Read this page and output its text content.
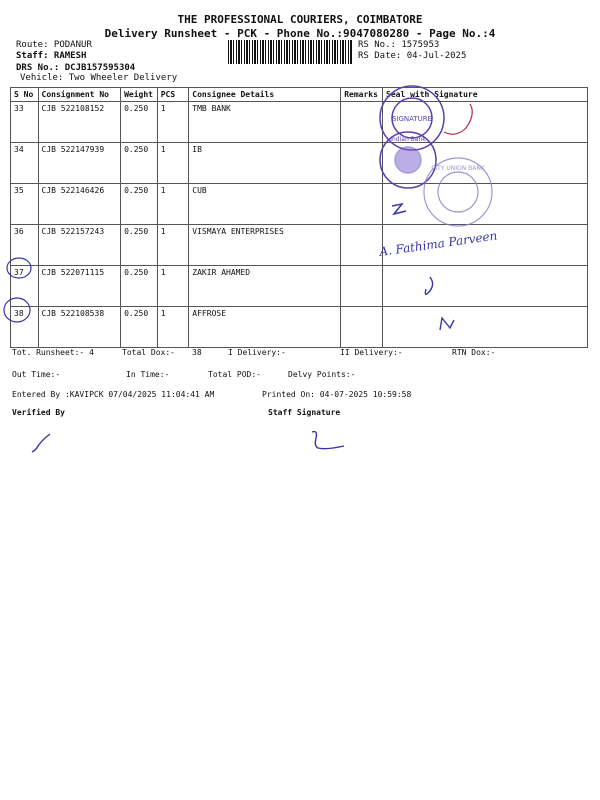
THE PROFESSIONAL COURIERS, COIMBATORE
Delivery Runsheet - PCK - Phone No.:9047080280 - Page No.:4
Route: PODANUR
Staff: RAMESH
DRS No.: DCJB157595304
Vehicle: Two Wheeler Delivery
RS No.: 1575953
RS Date: 04-Jul-2025
S No	Consignment No	Weight	PCS	Consignee Details	Remarks	Seal with Signature
33	CJB 522108152	0.250	1	TMB BANK		
34	CJB 522147939	0.250	1	IB		
35	CJB 522146426	0.250	1	CUB		
36	CJB 522157243	0.250	1	VISMAYA ENTERPRISES		
37	CJB 522071115	0.250	1	ZAKIR AHAMED		
38	CJB 522108538	0.250	1	AFFROSE		
SIGNATURE
Indian Bank
CITY UNION BANK
A. Fathima Parveen
Tot. Runsheet:- 4	Total Dox:- 38	I Delivery:-	II Delivery:-	RTN Dox:-
Out Time:-	In Time:-	Total POD:-	Delvy Points:-
Entered By :KAVIPCK 07/04/2025 11:04:41 AM	Printed On: 04-07-2025 10:59:58
Verified By	Staff Signature
